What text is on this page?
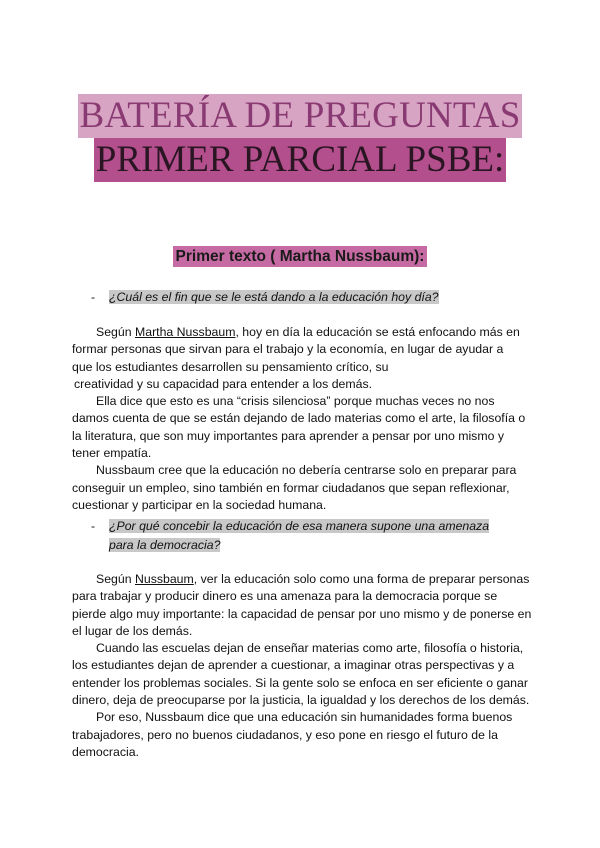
BATERÍA DE PREGUNTAS
PRIMER PARCIAL PSBE:
Primer texto ( Martha Nussbaum):
- ¿Cuál es el fin que se le está dando a la educación hoy día?
Según Martha Nussbaum, hoy en día la educación se está enfocando más en
formar personas que sirvan para el trabajo y la economía, en lugar de ayudar a
que los estudiantes desarrollen su pensamiento crítico, su
creatividad y su capacidad para entender a los demás.
Ella dice que esto es una “crisis silenciosa” porque muchas veces no nos
damos cuenta de que se están dejando de lado materias como el arte, la filosofía o
la literatura, que son muy importantes para aprender a pensar por uno mismo y
tener empatía.
Nussbaum cree que la educación no debería centrarse solo en preparar para
conseguir un empleo, sino también en formar ciudadanos que sepan reflexionar,
cuestionar y participar en la sociedad humana.
- ¿Por qué concebir la educación de esa manera supone una amenaza
para la democracia?
Según Nussbaum, ver la educación solo como una forma de preparar personas
para trabajar y producir dinero es una amenaza para la democracia porque se
pierde algo muy importante: la capacidad de pensar por uno mismo y de ponerse en
el lugar de los demás.
Cuando las escuelas dejan de enseñar materias como arte, filosofía o historia,
los estudiantes dejan de aprender a cuestionar, a imaginar otras perspectivas y a
entender los problemas sociales. Si la gente solo se enfoca en ser eficiente o ganar
dinero, deja de preocuparse por la justicia, la igualdad y los derechos de los demás.
Por eso, Nussbaum dice que una educación sin humanidades forma buenos
trabajadores, pero no buenos ciudadanos, y eso pone en riesgo el futuro de la
democracia.
